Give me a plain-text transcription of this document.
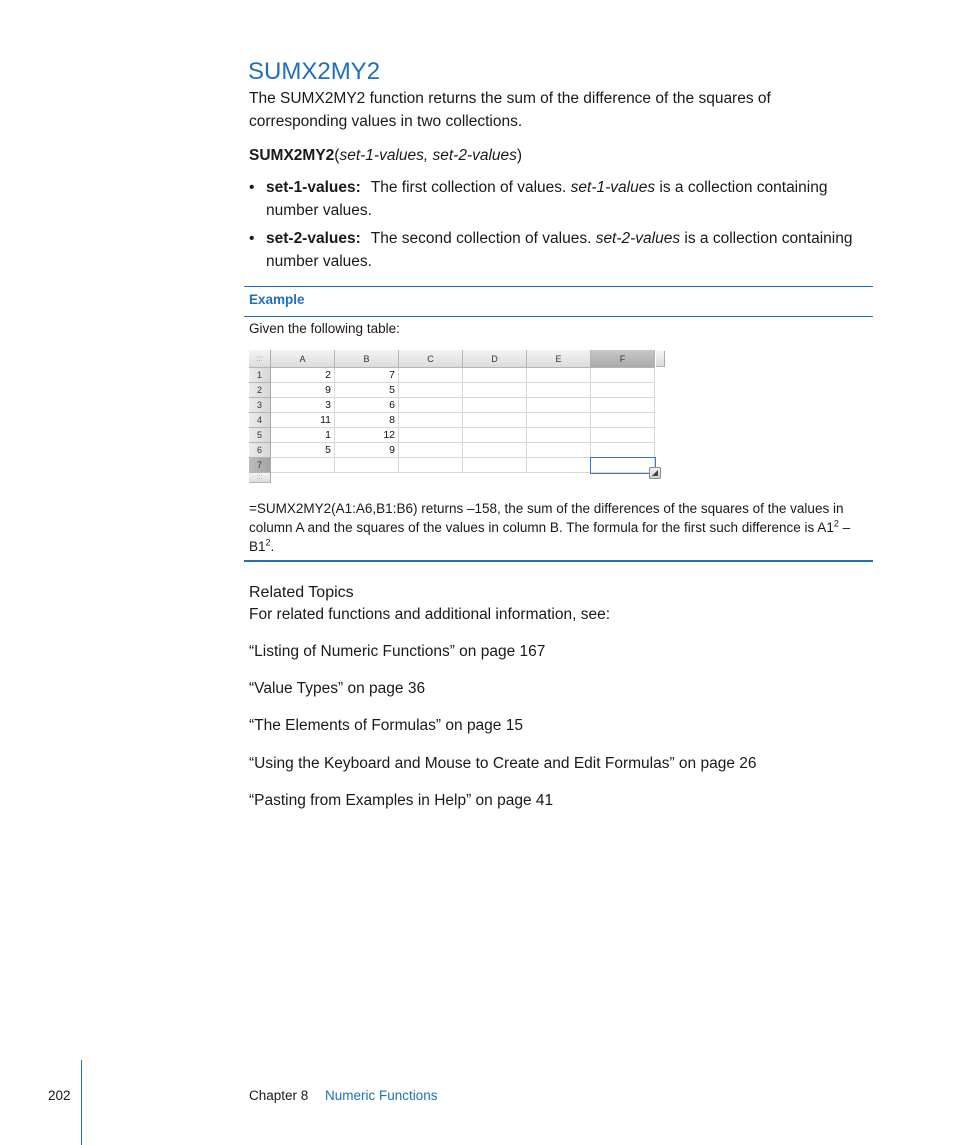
SUMX2MY2
The SUMX2MY2 function returns the sum of the difference of the squares of corresponding values in two collections.
SUMX2MY2(set-1-values, set-2-values)
• set-1-values: The first collection of values. set-1-values is a collection containing number values.
• set-2-values: The second collection of values. set-2-values is a collection containing number values.
Example
Given the following table:
:::	A	B	C	D	E	F
1	2	7
2	9	5
3	3	6
4	11	8
5	1	12
6	5	9
7
:::
◢
=SUMX2MY2(A1:A6,B1:B6) returns –158, the sum of the differences of the squares of the values in column A and the squares of the values in column B. The formula for the first such difference is $A1^2 - B1^2$.
Related Topics
For related functions and additional information, see:
“Listing of Numeric Functions” on page 167
“Value Types” on page 36
“The Elements of Formulas” on page 15
“Using the Keyboard and Mouse to Create and Edit Formulas” on page 26
“Pasting from Examples in Help” on page 41
202	Chapter 8 Numeric Functions
